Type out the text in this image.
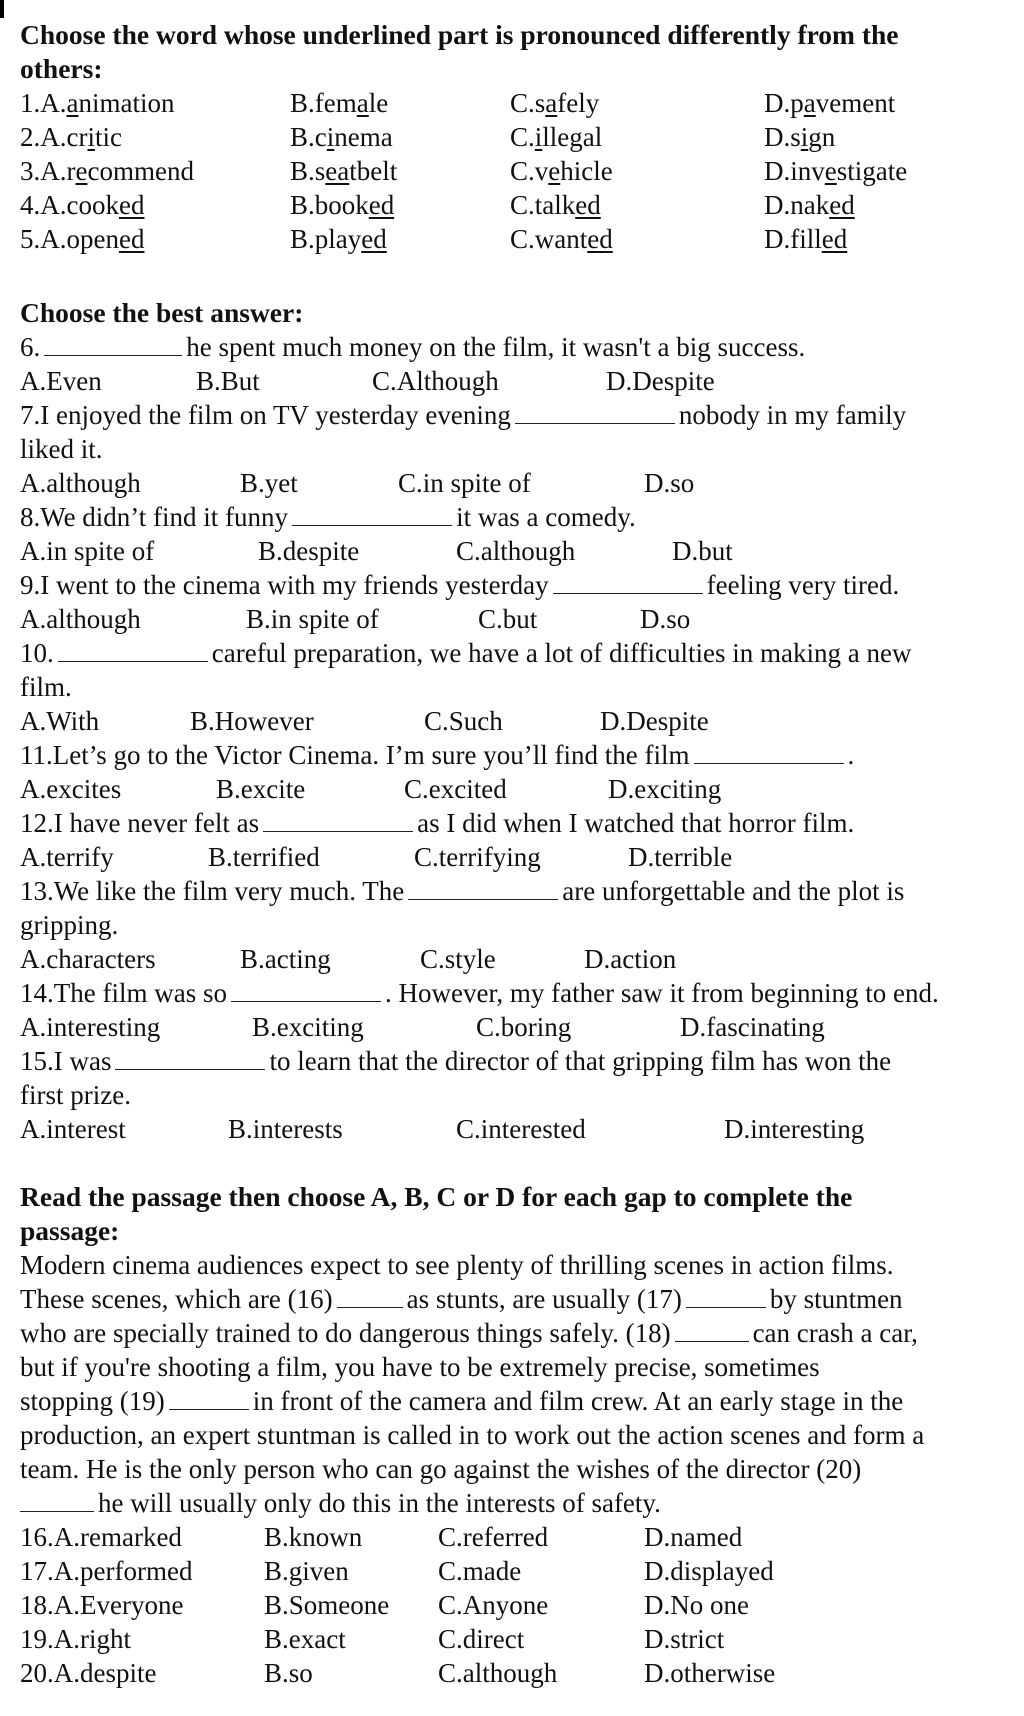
Choose the word whose underlined part is pronounced differently from the
others:
1.A.animation	B.female	C.safely	D.pavement
2.A.critic	B.cinema	C.illegal	D.sign
3.A.recommend	B.seatbelt	C.vehicle	D.investigate
4.A.cooked	B.booked	C.talked	D.naked
5.A.opened	B.played	C.wanted	D.filled
Choose the best answer:
6.	he spent much money on the film, it wasn't a big success.
A.Even	B.But	C.Although	D.Despite
7.I enjoyed the film on TV yesterday evening	nobody in my family
liked it.
A.although	B.yet	C.in spite of	D.so
8.We didn’t find it funny	it was a comedy.
A.in spite of	B.despite	C.although	D.but
9.I went to the cinema with my friends yesterday	feeling very tired.
A.although	B.in spite of	C.but	D.so
10.	careful preparation, we have a lot of difficulties in making a new
film.
A.With	B.However	C.Such	D.Despite
11.Let’s go to the Victor Cinema. I’m sure you’ll find the film	.
A.excites	B.excite	C.excited	D.exciting
12.I have never felt as	as I did when I watched that horror film.
A.terrify	B.terrified	C.terrifying	D.terrible
13.We like the film very much. The	are unforgettable and the plot is
gripping.
A.characters	B.acting	C.style	D.action
14.The film was so	. However, my father saw it from beginning to end.
A.interesting	B.exciting	C.boring	D.fascinating
15.I was	to learn that the director of that gripping film has won the
first prize.
A.interest	B.interests	C.interested	D.interesting
Read the passage then choose A, B, C or D for each gap to complete the
passage:
Modern cinema audiences expect to see plenty of thrilling scenes in action films.
These scenes, which are (16)	as stunts, are usually (17)	by stuntmen
who are specially trained to do dangerous things safely. (18)	can crash a car,
but if you're shooting a film, you have to be extremely precise, sometimes
stopping (19)	in front of the camera and film crew. At an early stage in the
production, an expert stuntman is called in to work out the action scenes and form a
team. He is the only person who can go against the wishes of the director (20)
he will usually only do this in the interests of safety.
16.A.remarked	B.known	C.referred	D.named
17.A.performed	B.given	C.made	D.displayed
18.A.Everyone	B.Someone C.Anyone	D.No one
19.A.right	B.exact	C.direct	D.strict
20.A.despite	B.so	C.although	D.otherwise
